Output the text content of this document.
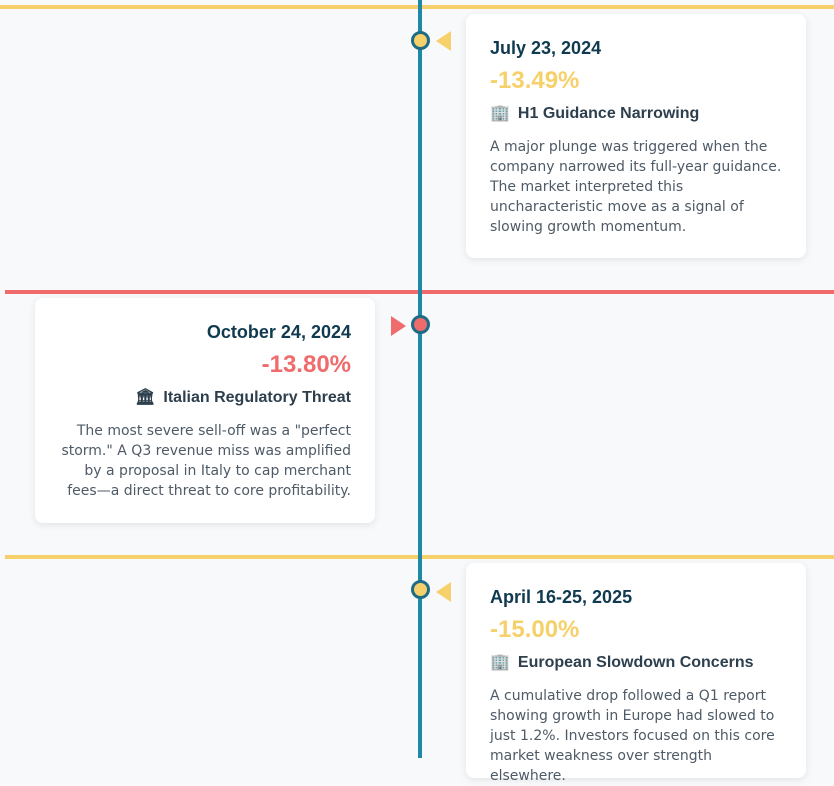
July 23, 2024
-13.49%
🏢 H1 Guidance Narrowing

A major plunge was triggered when the company narrowed its full-year guidance. The market interpreted this uncharacteristic move as a signal of slowing growth momentum.

October 24, 2024
-13.80%
🏛 Italian Regulatory Threat

The most severe sell-off was a "perfect storm." A Q3 revenue miss was amplified by a proposal in Italy to cap merchant fees—a direct threat to core profitability.

April 16-25, 2025
-15.00%
🏢 European Slowdown Concerns

A cumulative drop followed a Q1 report showing growth in Europe had slowed to just 1.2%. Investors focused on this core market weakness over strength elsewhere.
